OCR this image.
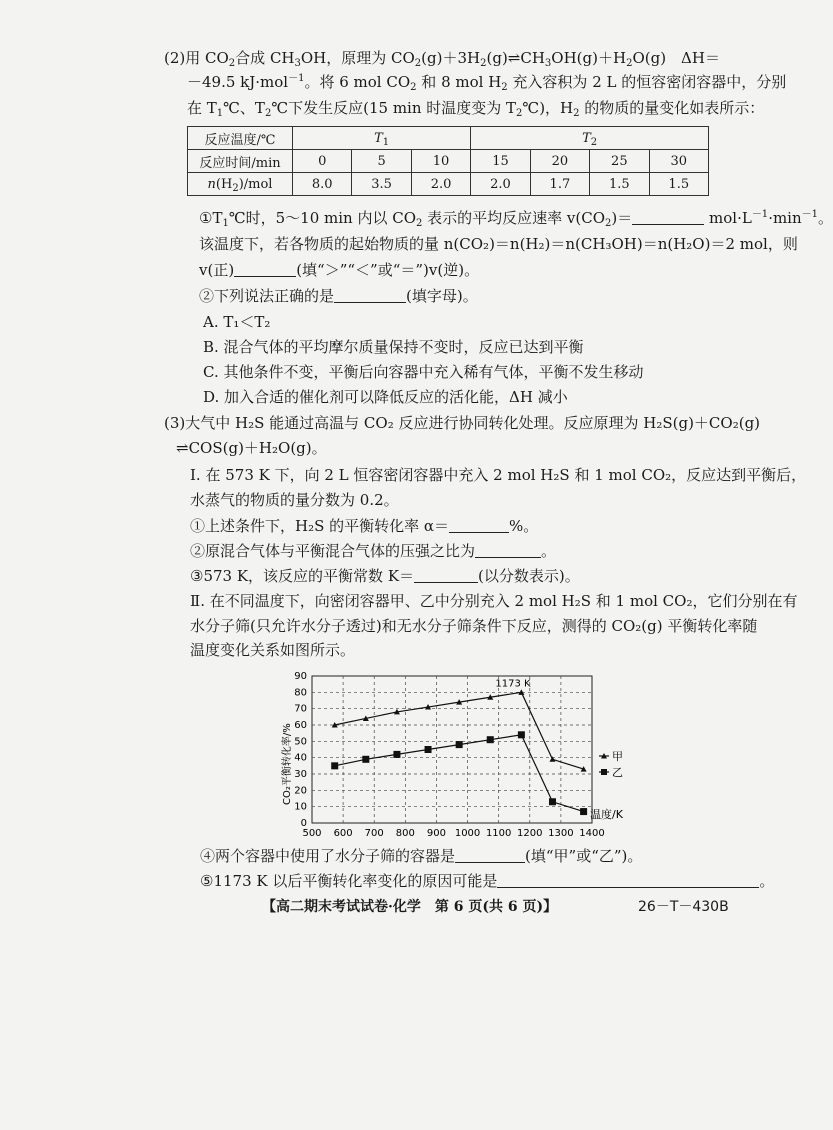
(2)用 $CO_2$合成 $CH_3OH$，原理为 $CO_2(g)+3H_2(g)\rightleftharpoons CH_3OH(g)+H_2O(g)$　ΔH＝
－49.5 kJ·mol$^{-1}$。将 6 mol $CO_2$ 和 8 mol $H_2$ 充入容积为 2 L 的恒容密闭容器中，分别
在 $T_1℃$、$T_2℃$下发生反应(15 min 时温度变为 $T_2℃$)，$H_2$ 的物质的量变化如表所示：
反应温度/℃	$T_1$			$T_2$
反应时间/min	0	5	10	15	20	25	30
$n(H_2)$/mol	8.0	3.5	2.0	2.0	1.7	1.5	1.5
$①T_1℃$时，5～10 min 内以 $CO_2$ 表示的平均反应速率 $v(CO_2)=$	$mol\cdot L^{-1}\cdot\min^{-1}$。
该温度下，若各物质的起始物质的量 n(CO₂)＝n(H₂)＝n(CH₃OH)＝n(H₂O)＝2 mol，则
v(正)	(填“＞”“＜”或“＝”)v(逆)。
②下列说法正确的是	(填字母)。
A. T₁＜T₂
B. 混合气体的平均摩尔质量保持不变时，反应已达到平衡
C. 其他条件不变，平衡后向容器中充入稀有气体，平衡不发生移动
D. 加入合适的催化剂可以降低反应的活化能，ΔH 减小
(3)大气中 H₂S 能通过高温与 CO₂ 反应进行协同转化处理。反应原理为 H₂S(g)＋CO₂(g)
⇌COS(g)＋H₂O(g)。
Ⅰ. 在 573 K 下，向 2 L 恒容密闭容器中充入 2 mol H₂S 和 1 mol CO₂，反应达到平衡后，
水蒸气的物质的量分数为 0.2。
①上述条件下，H₂S 的平衡转化率 α＝	%。
②原混合气体与平衡混合气体的压强之比为	。
③573 K，该反应的平衡常数 K＝	(以分数表示)。
Ⅱ. 在不同温度下，向密闭容器甲、乙中分别充入 2 mol H₂S 和 1 mol CO₂，它们分别在有
水分子筛(只允许水分子透过)和无水分子筛条件下反应，测得的 CO₂(g) 平衡转化率随
温度变化关系如图所示。
0
10
20
30
40
50
60
70
80
90
500 600 700 800 900 1000 1100 1200 1300 1400
甲
乙
CO₂平衡转化率/%
温度/K
1173 K
④两个容器中使用了水分子筛的容器是	(填“甲”或“乙”)。
⑤1173 K 以后平衡转化率变化的原因可能是	。
【高二期末考试试卷·化学　第 6 页(共 6 页)】	26－T－430B
